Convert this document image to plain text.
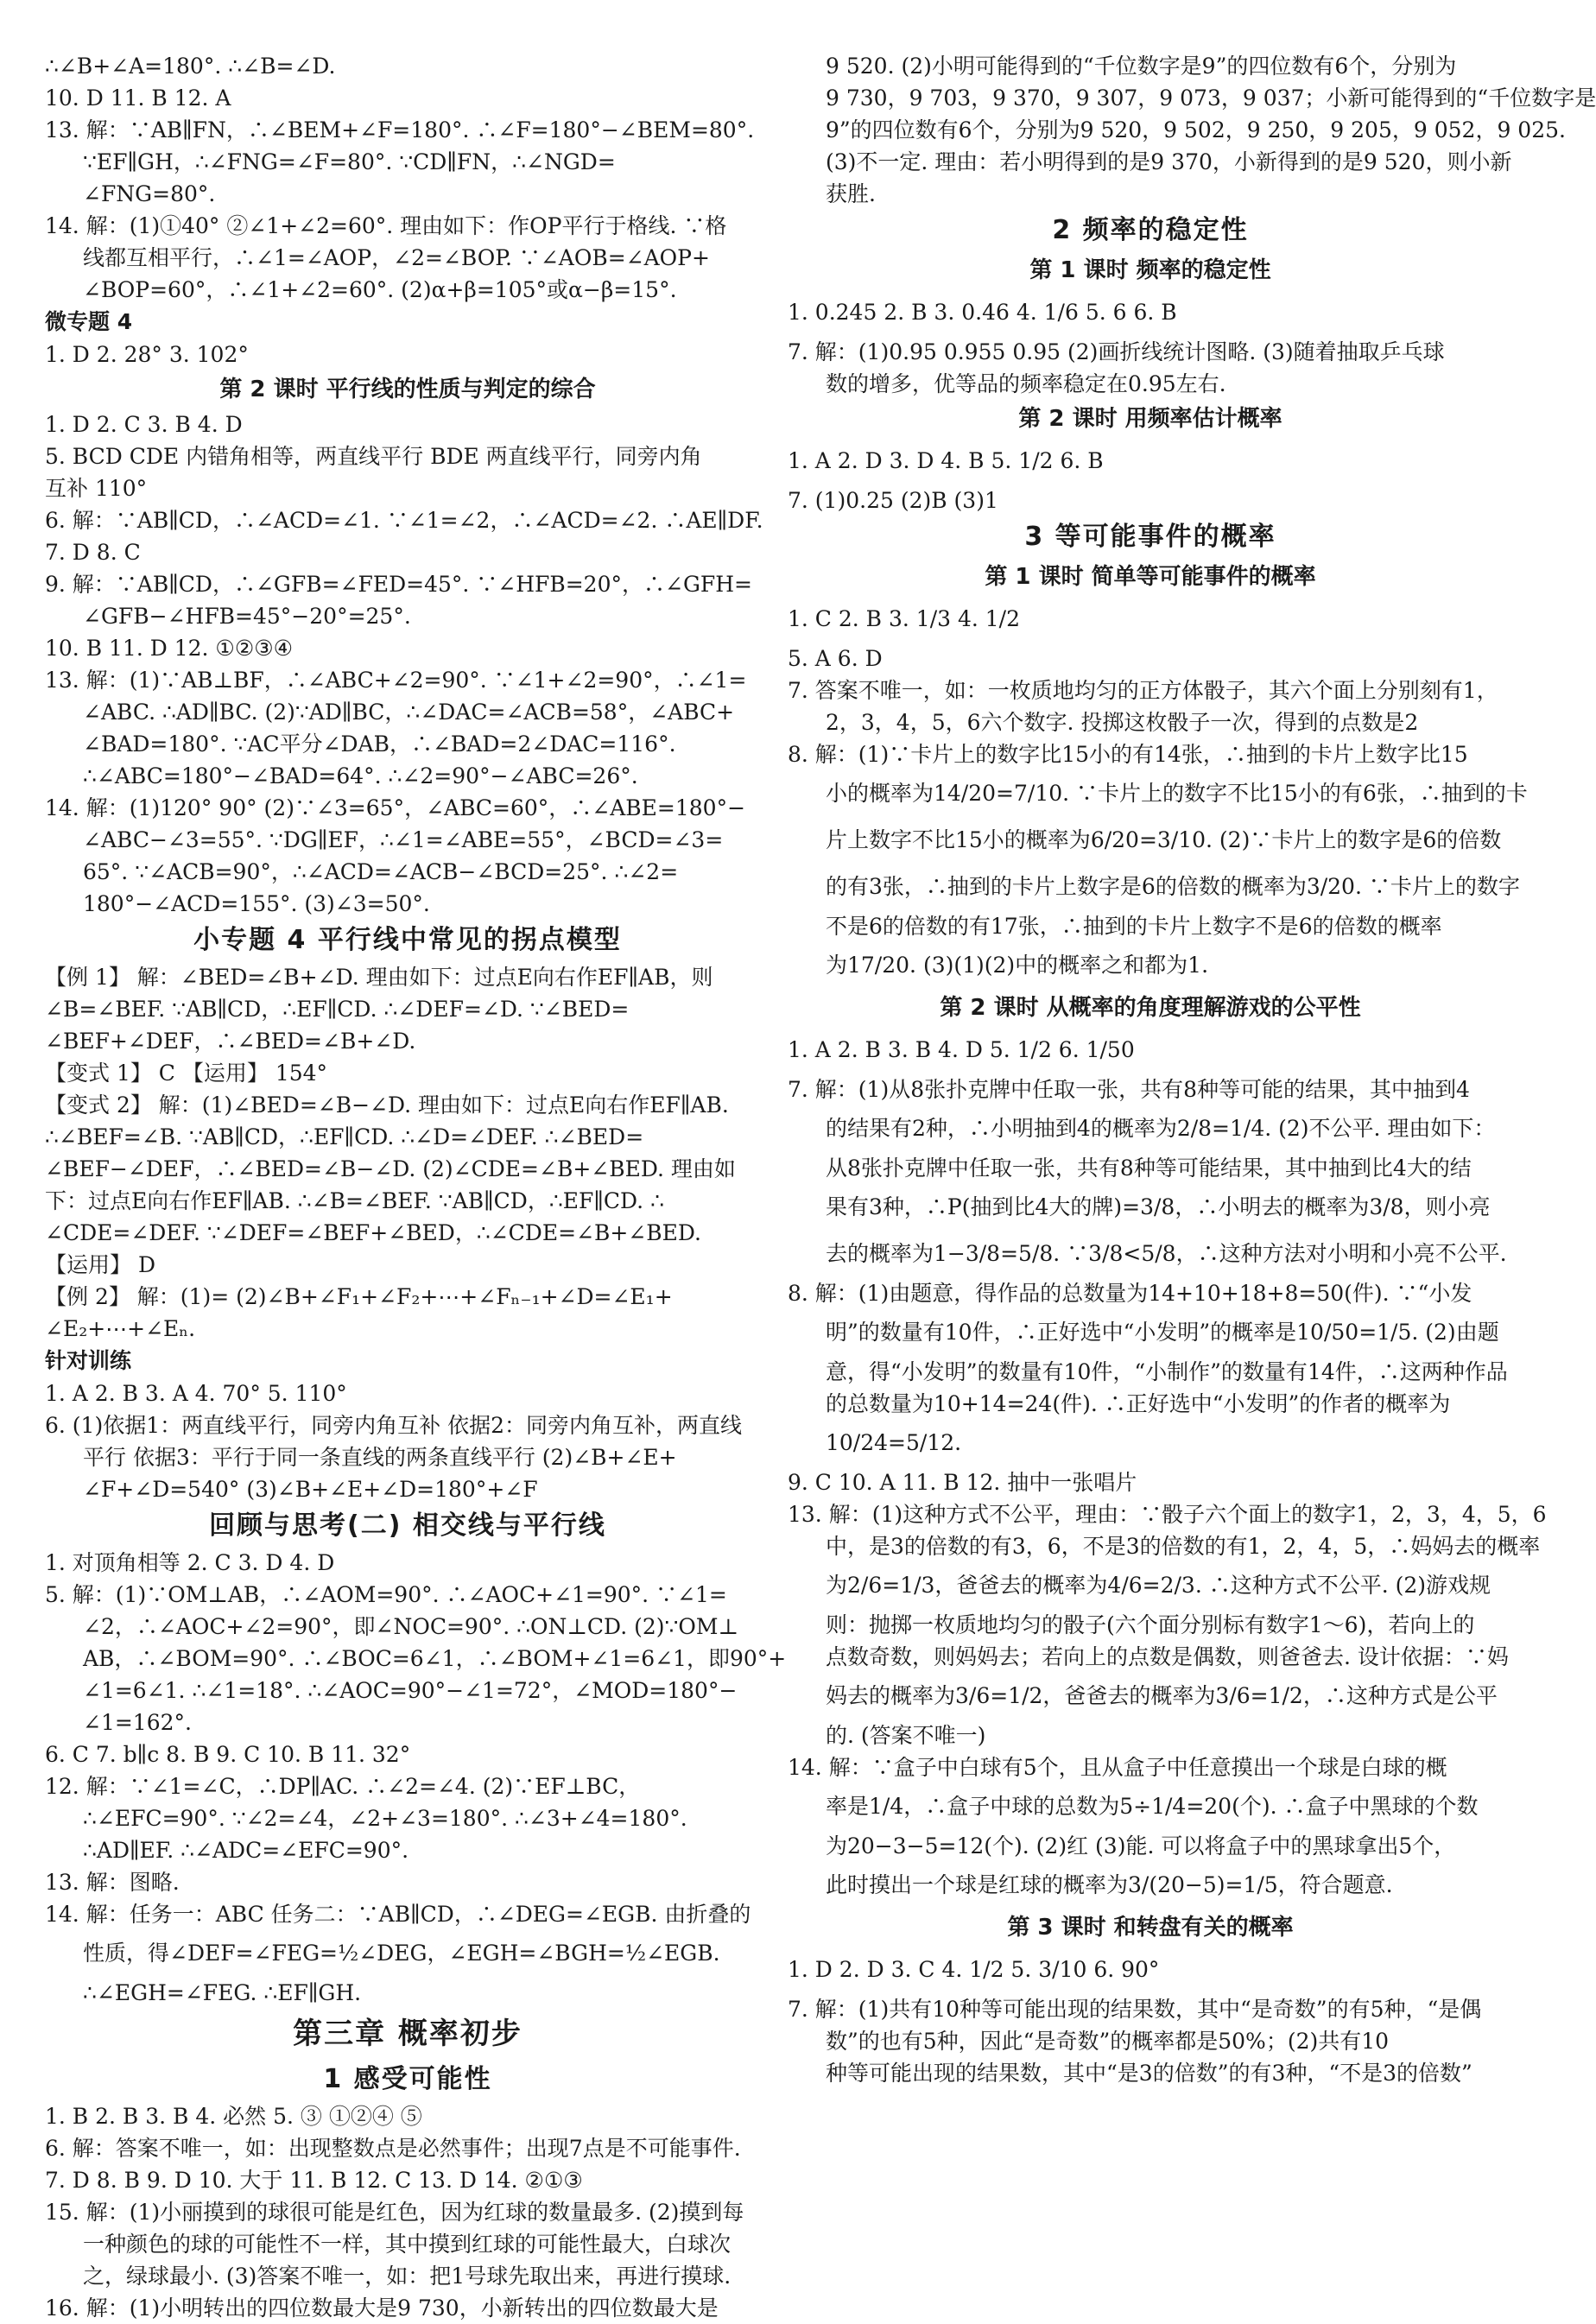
∴∠B+∠A=180°. ∴∠B=∠D.
10. D 11. B 12. A
13. 解：∵AB∥FN，∴∠BEM+∠F=180°. ∴∠F=180°−∠BEM=80°.
∵EF∥GH，∴∠FNG=∠F=80°. ∵CD∥FN，∴∠NGD=
∠FNG=80°.
14. 解：(1)①40° ②∠1+∠2=60°. 理由如下：作OP平行于格线. ∵格
线都互相平行，∴∠1=∠AOP，∠2=∠BOP. ∵∠AOB=∠AOP+
∠BOP=60°，∴∠1+∠2=60°. (2)α+β=105°或α−β=15°.
微专题 4
1. D 2. 28° 3. 102°
第 2 课时 平行线的性质与判定的综合
1. D 2. C 3. B 4. D
5. BCD CDE 内错角相等，两直线平行 BDE 两直线平行，同旁内角
互补 110°
6. 解：∵AB∥CD，∴∠ACD=∠1. ∵∠1=∠2，∴∠ACD=∠2. ∴AE∥DF.
7. D 8. C
9. 解：∵AB∥CD，∴∠GFB=∠FED=45°. ∵∠HFB=20°，∴∠GFH=
∠GFB−∠HFB=45°−20°=25°.
10. B 11. D 12. ①②③④
13. 解：(1)∵AB⊥BF，∴∠ABC+∠2=90°. ∵∠1+∠2=90°，∴∠1=
∠ABC. ∴AD∥BC. (2)∵AD∥BC，∴∠DAC=∠ACB=58°，∠ABC+
∠BAD=180°. ∵AC平分∠DAB，∴∠BAD=2∠DAC=116°.
∴∠ABC=180°−∠BAD=64°. ∴∠2=90°−∠ABC=26°.
14. 解：(1)120° 90° (2)∵∠3=65°，∠ABC=60°，∴∠ABE=180°−
∠ABC−∠3=55°. ∵DG∥EF，∴∠1=∠ABE=55°，∠BCD=∠3=
65°. ∵∠ACB=90°，∴∠ACD=∠ACB−∠BCD=25°. ∴∠2=
180°−∠ACD=155°. (3)∠3=50°.
小专题 4 平行线中常见的拐点模型
【例 1】 解：∠BED=∠B+∠D. 理由如下：过点E向右作EF∥AB，则
∠B=∠BEF. ∵AB∥CD，∴EF∥CD. ∴∠DEF=∠D. ∵∠BED=
∠BEF+∠DEF，∴∠BED=∠B+∠D.
【变式 1】 C 【运用】 154°
【变式 2】 解：(1)∠BED=∠B−∠D. 理由如下：过点E向右作EF∥AB.
∴∠BEF=∠B. ∵AB∥CD，∴EF∥CD. ∴∠D=∠DEF. ∴∠BED=
∠BEF−∠DEF，∴∠BED=∠B−∠D. (2)∠CDE=∠B+∠BED. 理由如
下：过点E向右作EF∥AB. ∴∠B=∠BEF. ∵AB∥CD，∴EF∥CD. ∴
∠CDE=∠DEF. ∵∠DEF=∠BEF+∠BED，∴∠CDE=∠B+∠BED.
【运用】 D
【例 2】 解：(1)= (2)∠B+∠F₁+∠F₂+⋯+∠Fₙ₋₁+∠D=∠E₁+
∠E₂+⋯+∠Eₙ.
针对训练
1. A 2. B 3. A 4. 70° 5. 110°
6. (1)依据1：两直线平行，同旁内角互补 依据2：同旁内角互补，两直线
平行 依据3：平行于同一条直线的两条直线平行 (2)∠B+∠E+
∠F+∠D=540° (3)∠B+∠E+∠D=180°+∠F
回顾与思考(二) 相交线与平行线
1. 对顶角相等 2. C 3. D 4. D
5. 解：(1)∵OM⊥AB，∴∠AOM=90°. ∴∠AOC+∠1=90°. ∵∠1=
∠2，∴∠AOC+∠2=90°，即∠NOC=90°. ∴ON⊥CD. (2)∵OM⊥
AB，∴∠BOM=90°. ∴∠BOC=6∠1，∴∠BOM+∠1=6∠1，即90°+
∠1=6∠1. ∴∠1=18°. ∴∠AOC=90°−∠1=72°，∠MOD=180°−
∠1=162°.
6. C 7. b∥c 8. B 9. C 10. B 11. 32°
12. 解：∵∠1=∠C，∴DP∥AC. ∴∠2=∠4. (2)∵EF⊥BC，
∴∠EFC=90°. ∵∠2=∠4，∠2+∠3=180°. ∴∠3+∠4=180°.
∴AD∥EF. ∴∠ADC=∠EFC=90°.
13. 解：图略.
14. 解：任务一：ABC 任务二：∵AB∥CD，∴∠DEG=∠EGB. 由折叠的
性质，得∠DEF=∠FEG=½∠DEG，∠EGH=∠BGH=½∠EGB.
∴∠EGH=∠FEG. ∴EF∥GH.
第三章 概率初步
1 感受可能性
1. B 2. B 3. B 4. 必然 5. ③ ①②④ ⑤
6. 解：答案不唯一，如：出现整数点是必然事件；出现7点是不可能事件.
7. D 8. B 9. D 10. 大于 11. B 12. C 13. D 14. ②①③
15. 解：(1)小丽摸到的球很可能是红色，因为红球的数量最多. (2)摸到每
一种颜色的球的可能性不一样，其中摸到红球的可能性最大，白球次
之，绿球最小. (3)答案不唯一，如：把1号球先取出来，再进行摸球.
16. 解：(1)小明转出的四位数最大是9 730，小新转出的四位数最大是
9 520. (2)小明可能得到的“千位数字是9”的四位数有6个，分别为
9 730，9 703，9 370，9 307，9 073，9 037；小新可能得到的“千位数字是
9”的四位数有6个，分别为9 520，9 502，9 250，9 205，9 052，9 025.
(3)不一定. 理由：若小明得到的是9 370，小新得到的是9 520，则小新
获胜.
2 频率的稳定性
第 1 课时 频率的稳定性
1. 0.245 2. B 3. 0.46 4. 1/6 5. 6 6. B
7. 解：(1)0.95 0.955 0.95 (2)画折线统计图略. (3)随着抽取乒乓球
数的增多，优等品的频率稳定在0.95左右.
第 2 课时 用频率估计概率
1. A 2. D 3. D 4. B 5. 1/2 6. B
7. (1)0.25 (2)B (3)1
3 等可能事件的概率
第 1 课时 简单等可能事件的概率
1. C 2. B 3. 1/3 4. 1/2
5. A 6. D
7. 答案不唯一，如：一枚质地均匀的正方体骰子，其六个面上分别刻有1，
2，3，4，5，6六个数字. 投掷这枚骰子一次，得到的点数是2
8. 解：(1)∵卡片上的数字比15小的有14张，∴抽到的卡片上数字比15
小的概率为14/20=7/10. ∵卡片上的数字不比15小的有6张，∴抽到的卡
片上数字不比15小的概率为6/20=3/10. (2)∵卡片上的数字是6的倍数
的有3张，∴抽到的卡片上数字是6的倍数的概率为3/20. ∵卡片上的数字
不是6的倍数的有17张，∴抽到的卡片上数字不是6的倍数的概率
为17/20. (3)(1)(2)中的概率之和都为1.
第 2 课时 从概率的角度理解游戏的公平性
1. A 2. B 3. B 4. D 5. 1/2 6. 1/50
7. 解：(1)从8张扑克牌中任取一张，共有8种等可能的结果，其中抽到4
的结果有2种，∴小明抽到4的概率为2/8=1/4. (2)不公平. 理由如下：
从8张扑克牌中任取一张，共有8种等可能结果，其中抽到比4大的结
果有3种，∴P(抽到比4大的牌)=3/8，∴小明去的概率为3/8，则小亮
去的概率为1−3/8=5/8. ∵3/8<5/8，∴这种方法对小明和小亮不公平.
8. 解：(1)由题意，得作品的总数量为14+10+18+8=50(件). ∵“小发
明”的数量有10件，∴正好选中“小发明”的概率是10/50=1/5. (2)由题
意，得“小发明”的数量有10件，“小制作”的数量有14件，∴这两种作品
的总数量为10+14=24(件). ∴正好选中“小发明”的作者的概率为
10/24=5/12.
9. C 10. A 11. B 12. 抽中一张唱片
13. 解：(1)这种方式不公平，理由：∵骰子六个面上的数字1，2，3，4，5，6
中，是3的倍数的有3，6，不是3的倍数的有1，2，4，5，∴妈妈去的概率
为2/6=1/3，爸爸去的概率为4/6=2/3. ∴这种方式不公平. (2)游戏规
则：抛掷一枚质地均匀的骰子(六个面分别标有数字1～6)，若向上的
点数奇数，则妈妈去；若向上的点数是偶数，则爸爸去. 设计依据：∵妈
妈去的概率为3/6=1/2，爸爸去的概率为3/6=1/2，∴这种方式是公平
的. (答案不唯一)
14. 解：∵盒子中白球有5个，且从盒子中任意摸出一个球是白球的概
率是1/4，∴盒子中球的总数为5÷1/4=20(个). ∴盒子中黑球的个数
为20−3−5=12(个). (2)红 (3)能. 可以将盒子中的黑球拿出5个，
此时摸出一个球是红球的概率为3/(20−5)=1/5，符合题意.
第 3 课时 和转盘有关的概率
1. D 2. D 3. C 4. 1/2 5. 3/10 6. 90°
7. 解：(1)共有10种等可能出现的结果数，其中“是奇数”的有5种，“是偶
数”的也有5种，因此“是奇数”的概率都是50%；(2)共有10
种等可能出现的结果数，其中“是3的倍数”的有3种，“不是3的倍数”
